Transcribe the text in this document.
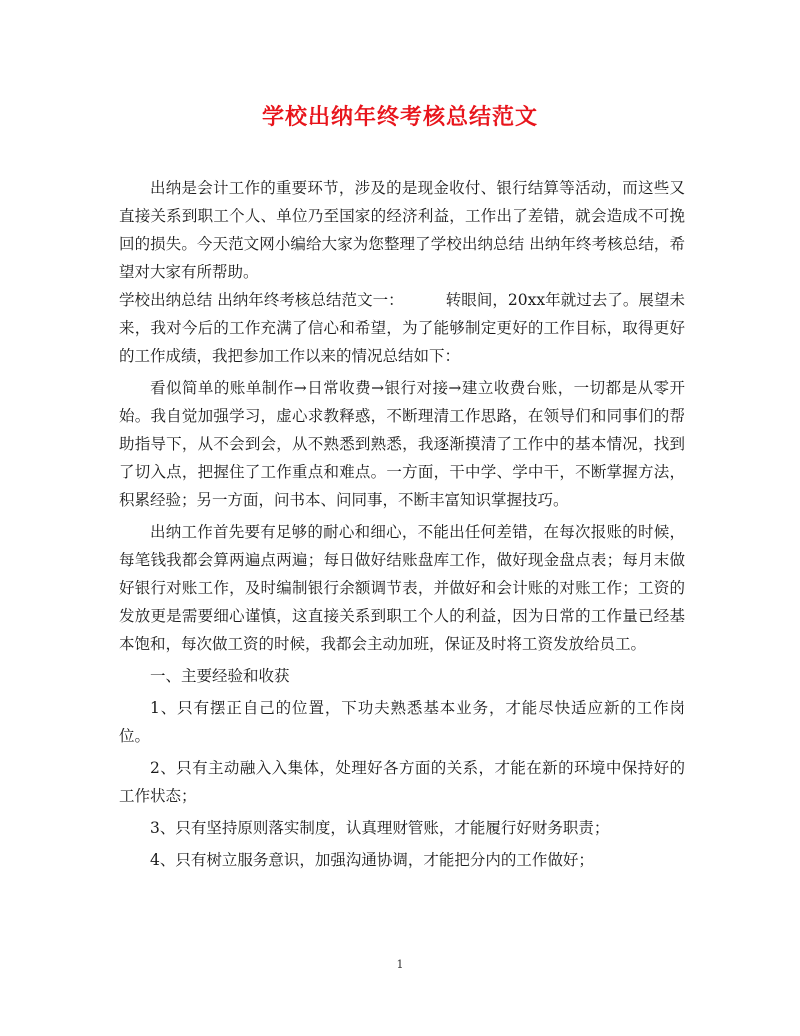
学校出纳年终考核总结范文

出纳是会计工作的重要环节，涉及的是现金收付、银行结算等活动，而这些又直接关系到职工个人、单位乃至国家的经济利益，工作出了差错，就会造成不可挽回的损失。今天范文网小编给大家为您整理了学校出纳总结 出纳年终考核总结，希望对大家有所帮助。

学校出纳总结 出纳年终考核总结范文一：	转眼间，20xx年就过去了。展望未来，我对今后的工作充满了信心和希望，为了能够制定更好的工作目标，取得更好的工作成绩，我把参加工作以来的情况总结如下：

看似简单的账单制作→日常收费→银行对接→建立收费台账，一切都是从零开始。我自觉加强学习，虚心求教释惑，不断理清工作思路，在领导们和同事们的帮助指导下，从不会到会，从不熟悉到熟悉，我逐渐摸清了工作中的基本情况，找到了切入点，把握住了工作重点和难点。一方面，干中学、学中干，不断掌握方法，积累经验；另一方面，问书本、问同事，不断丰富知识掌握技巧。

出纳工作首先要有足够的耐心和细心，不能出任何差错，在每次报账的时候，每笔钱我都会算两遍点两遍；每日做好结账盘库工作，做好现金盘点表；每月末做好银行对账工作，及时编制银行余额调节表，并做好和会计账的对账工作；工资的发放更是需要细心谨慎，这直接关系到职工个人的利益，因为日常的工作量已经基本饱和，每次做工资的时候，我都会主动加班，保证及时将工资发放给员工。

一、主要经验和收获

1、只有摆正自己的位置，下功夫熟悉基本业务，才能尽快适应新的工作岗位。

2、只有主动融入入集体，处理好各方面的关系，才能在新的环境中保持好的工作状态；

3、只有坚持原则落实制度，认真理财管账，才能履行好财务职责；

4、只有树立服务意识，加强沟通协调，才能把分内的工作做好；

1
